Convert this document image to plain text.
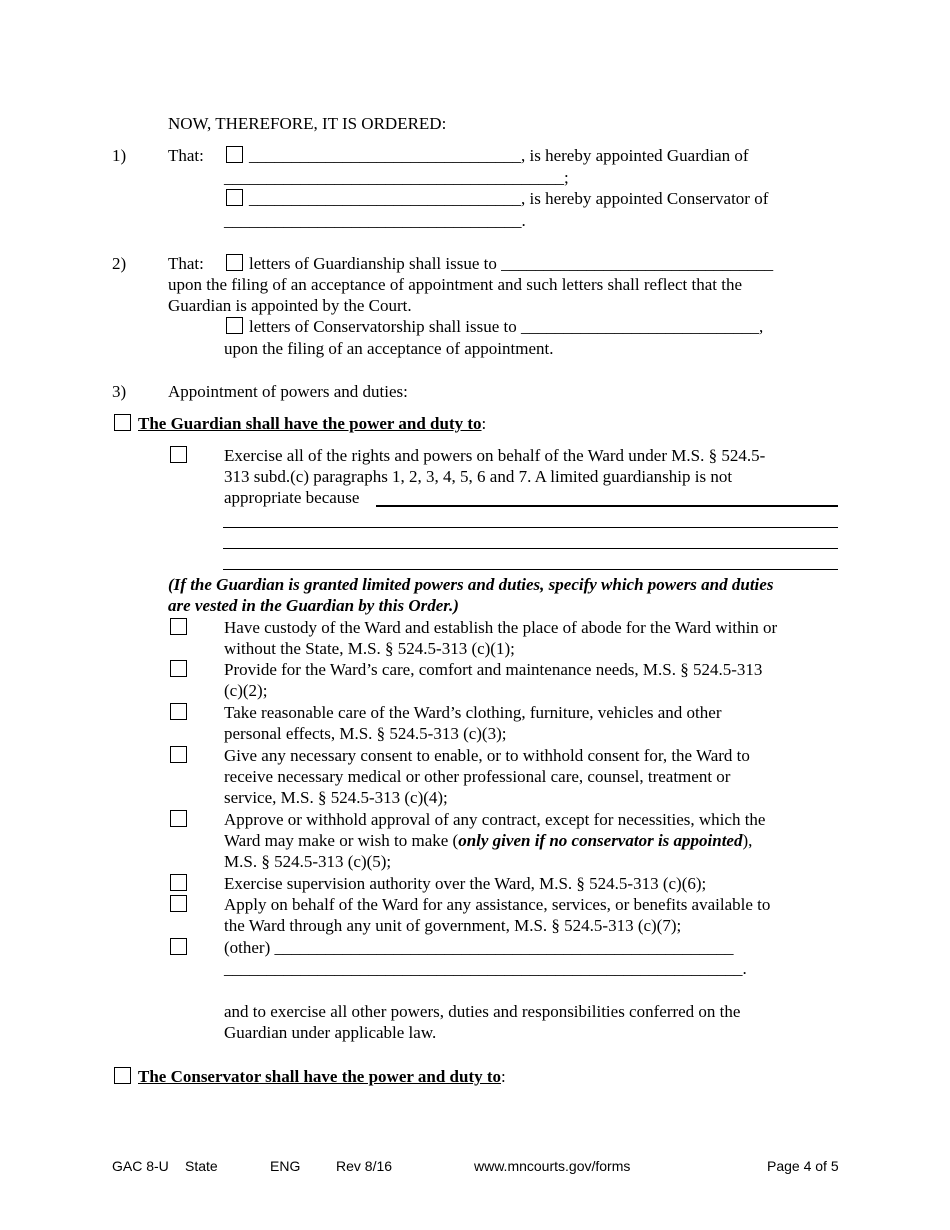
NOW, THEREFORE, IT IS ORDERED:
1) That:	________________________________, is hereby appointed Guardian of
________________________________________;
________________________________, is hereby appointed Conservator of
___________________________________.
2) That:	letters of Guardianship shall issue to ________________________________
upon the filing of an acceptance of appointment and such letters shall reflect that the
Guardian is appointed by the Court.
letters of Conservatorship shall issue to ____________________________,
upon the filing of an acceptance of appointment.
3) Appointment of powers and duties:
The Guardian shall have the power and duty to:
Exercise all of the rights and powers on behalf of the Ward under M.S. § 524.5-
313 subd.(c) paragraphs 1, 2, 3, 4, 5, 6 and 7. A limited guardianship is not
appropriate because
(If the Guardian is granted limited powers and duties, specify which powers and duties
are vested in the Guardian by this Order.)
Have custody of the Ward and establish the place of abode for the Ward within or
without the State, M.S. § 524.5-313 (c)(1);
Provide for the Ward’s care, comfort and maintenance needs, M.S. § 524.5-313
(c)(2);
Take reasonable care of the Ward’s clothing, furniture, vehicles and other
personal effects, M.S. § 524.5-313 (c)(3);
Give any necessary consent to enable, or to withhold consent for, the Ward to
receive necessary medical or other professional care, counsel, treatment or
service, M.S. § 524.5-313 (c)(4);
Approve or withhold approval of any contract, except for necessities, which the
Ward may make or wish to make (only given if no conservator is appointed),
M.S. § 524.5-313 (c)(5);
Exercise supervision authority over the Ward, M.S. § 524.5-313 (c)(6);
Apply on behalf of the Ward for any assistance, services, or benefits available to
the Ward through any unit of government, M.S. § 524.5-313 (c)(7);
(other) ______________________________________________________
_____________________________________________________________.
and to exercise all other powers, duties and responsibilities conferred on the
Guardian under applicable law.
The Conservator shall have the power and duty to:
GAC 8-U State	ENG	Rev 8/16	www.mncourts.gov/forms	Page 4 of 5
